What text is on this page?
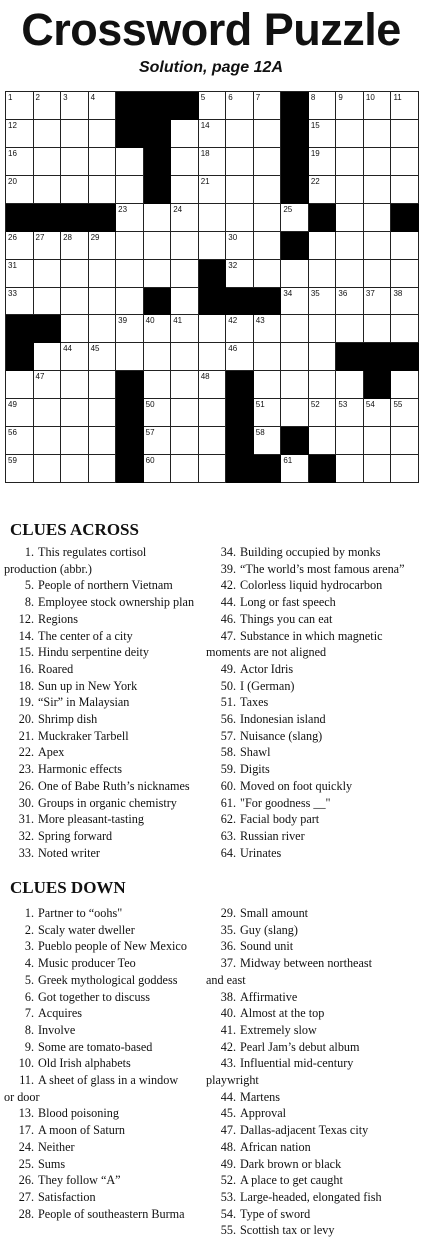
Crossword Puzzle
Solution, page 12A
1	2	3	4	5	6	7	8	9	10 11
12	14	15
16	18	19
20	21	22
23	24	25
26 27 28 29	30
31	32
33	34 35 36 37 38
39 40 41	42 43
44 45	46
47	48
49	50	51	52 53 54 55
56	57	58
59	60	61
CLUES ACROSS
1. This regulates cortisol
production (abbr.)
5. People of northern Vietnam
8. Employee stock ownership plan
12. Regions
14. The center of a city
15. Hindu serpentine deity
16. Roared
18. Sun up in New York
19. “Sir” in Malaysian
20. Shrimp dish
21. Muckraker Tarbell
22. Apex
23. Harmonic effects
26. One of Babe Ruth’s nicknames
30. Groups in organic chemistry
31. More pleasant-tasting
32. Spring forward
33. Noted writer
34. Building occupied by monks
39. “The world’s most famous arena”
42. Colorless liquid hydrocarbon
44. Long or fast speech
46. Things you can eat
47. Substance in which magnetic
moments are not aligned
49. Actor Idris
50. I (German)
51. Taxes
56. Indonesian island
57. Nuisance (slang)
58. Shawl
59. Digits
60. Moved on foot quickly
61. "For goodness __"
62. Facial body part
63. Russian river
64. Urinates
CLUES DOWN
1. Partner to “oohs"
2. Scaly water dweller
3. Pueblo people of New Mexico
4. Music producer Teo
5. Greek mythological goddess
6. Got together to discuss
7. Acquires
8. Involve
9. Some are tomato-based
10. Old Irish alphabets
11. A sheet of glass in a window
or door
13. Blood poisoning
17. A moon of Saturn
24. Neither
25. Sums
26. They follow “A”
27. Satisfaction
28. People of southeastern Burma
29. Small amount
35. Guy (slang)
36. Sound unit
37. Midway between northeast
and east
38. Affirmative
40. Almost at the top
41. Extremely slow
42. Pearl Jam’s debut album
43. Influential mid-century
playwright
44. Martens
45. Approval
47. Dallas-adjacent Texas city
48. African nation
49. Dark brown or black
52. A place to get caught
53. Large-headed, elongated fish
54. Type of sword
55. Scottish tax or levy
